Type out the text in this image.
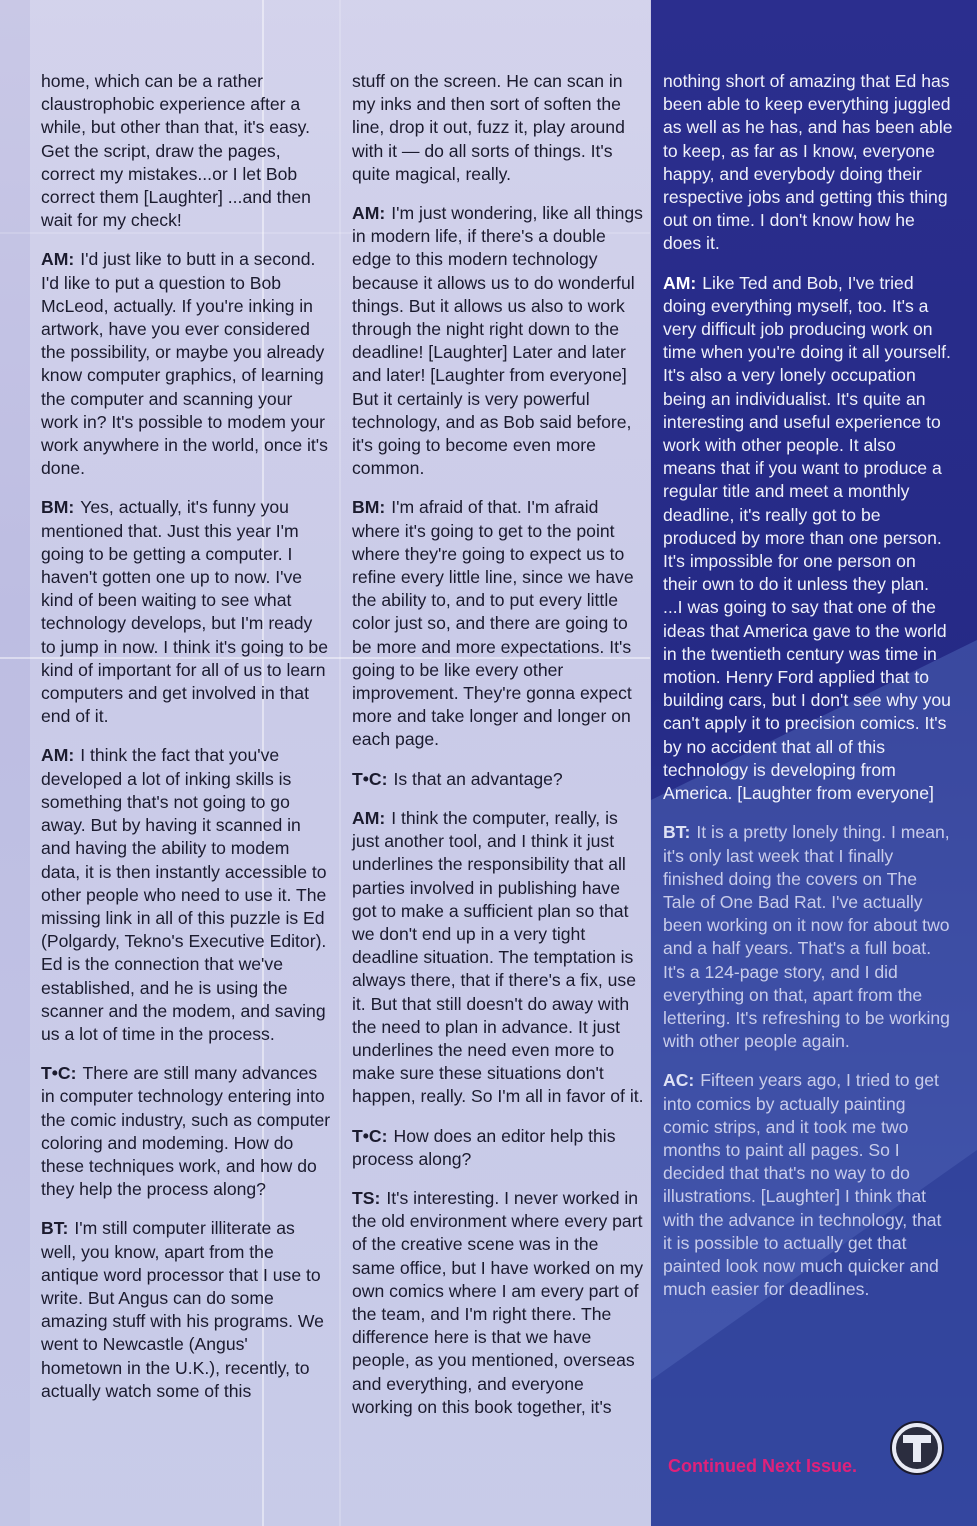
home, which can be a rather claustrophobic experience after a while, but other than that, it's easy. Get the script, draw the pages, correct my mistakes...or I let Bob correct them [Laughter] ...and then wait for my check!

AM: I'd just like to butt in a second. I'd like to put a question to Bob McLeod, actually. If you're inking in artwork, have you ever considered the possibility, or maybe you already know computer graphics, of learning the computer and scanning your work in? It's possible to modem your work anywhere in the world, once it's done.

BM: Yes, actually, it's funny you mentioned that. Just this year I'm going to be getting a computer. I haven't gotten one up to now. I've kind of been waiting to see what technology develops, but I'm ready to jump in now. I think it's going to be kind of important for all of us to learn computers and get involved in that end of it.

AM: I think the fact that you've developed a lot of inking skills is something that's not going to go away. But by having it scanned in and having the ability to modem data, it is then instantly accessible to other people who need to use it. The missing link in all of this puzzle is Ed (Polgardy, Tekno's Executive Editor). Ed is the connection that we've established, and he is using the scanner and the modem, and saving us a lot of time in the process.

T•C: There are still many advances in computer technology entering into the comic industry, such as computer coloring and modeming. How do these techniques work, and how do they help the process along?

BT: I'm still computer illiterate as well, you know, apart from the antique word processor that I use to write. But Angus can do some amazing stuff with his programs. We went to Newcastle (Angus' hometown in the U.K.), recently, to actually watch some of this

stuff on the screen. He can scan in my inks and then sort of soften the line, drop it out, fuzz it, play around with it — do all sorts of things. It's quite magical, really.

AM: I'm just wondering, like all things in modern life, if there's a double edge to this modern technology because it allows us to do wonderful things. But it allows us also to work through the night right down to the deadline! [Laughter] Later and later and later! [Laughter from everyone] But it certainly is very powerful technology, and as Bob said before, it's going to become even more common.

BM: I'm afraid of that. I'm afraid where it's going to get to the point where they're going to expect us to refine every little line, since we have the ability to, and to put every little color just so, and there are going to be more and more expectations. It's going to be like every other improvement. They're gonna expect more and take longer and longer on each page.

T•C: Is that an advantage?

AM: I think the computer, really, is just another tool, and I think it just underlines the responsibility that all parties involved in publishing have got to make a sufficient plan so that we don't end up in a very tight deadline situation. The temptation is always there, that if there's a fix, use it. But that still doesn't do away with the need to plan in advance. It just underlines the need even more to make sure these situations don't happen, really. So I'm all in favor of it.

T•C: How does an editor help this process along?

TS: It's interesting. I never worked in the old environment where every part of the creative scene was in the same office, but I have worked on my own comics where I am every part of the team, and I'm right there. The difference here is that we have people, as you mentioned, overseas and everything, and everyone working on this book together, it's

nothing short of amazing that Ed has been able to keep everything juggled as well as he has, and has been able to keep, as far as I know, everyone happy, and everybody doing their respective jobs and getting this thing out on time. I don't know how he does it.

AM: Like Ted and Bob, I've tried doing everything myself, too. It's a very difficult job producing work on time when you're doing it all yourself. It's also a very lonely occupation being an individualist. It's quite an interesting and useful experience to work with other people. It also means that if you want to produce a regular title and meet a monthly deadline, it's really got to be produced by more than one person. It's impossible for one person on their own to do it unless they plan. ...I was going to say that one of the ideas that America gave to the world in the twentieth century was time in motion. Henry Ford applied that to building cars, but I don't see why you can't apply it to precision comics. It's by no accident that all of this technology is developing from America. [Laughter from everyone]

BT: It is a pretty lonely thing. I mean, it's only last week that I finally finished doing the covers on The Tale of One Bad Rat. I've actually been working on it now for about two and a half years. That's a full boat. It's a 124-page story, and I did everything on that, apart from the lettering. It's refreshing to be working with other people again.

AC: Fifteen years ago, I tried to get into comics by actually painting comic strips, and it took me two months to paint all pages. So I decided that that's no way to do illustrations. [Laughter] I think that with the advance in technology, that it is possible to actually get that painted look now much quicker and much easier for deadlines.

Continued Next Issue.
